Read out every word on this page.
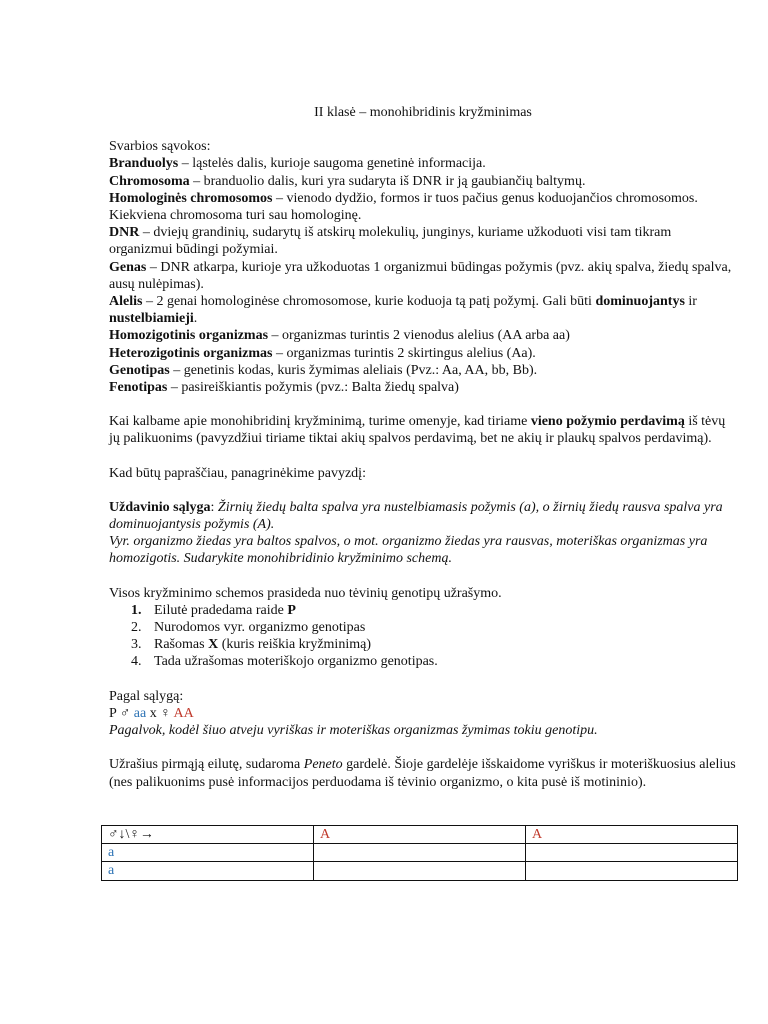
II klasė – monohibridinis kryžminimas

Svarbios sąvokos:

Branduolys – ląstelės dalis, kurioje saugoma genetinė informacija.

Chromosoma – branduolio dalis, kuri yra sudaryta iš DNR ir ją gaubiančių baltymų.

Homologinės chromosomos – vienodo dydžio, formos ir tuos pačius genus koduojančios chromosomos. Kiekviena chromosoma turi sau homologinę.

DNR – dviejų grandinių, sudarytų iš atskirų molekulių, junginys, kuriame užkoduoti visi tam tikram organizmui būdingi požymiai.

Genas – DNR atkarpa, kurioje yra užkoduotas 1 organizmui būdingas požymis (pvz. akių spalva, žiedų spalva, ausų nulėpimas).

Alelis – 2 genai homologinėse chromosomose, kurie koduoja tą patį požymį. Gali būti dominuojantys ir nustelbiamieji.

Homozigotinis organizmas – organizmas turintis 2 vienodus alelius (AA arba aa)

Heterozigotinis organizmas – organizmas turintis 2 skirtingus alelius (Aa).

Genotipas – genetinis kodas, kuris žymimas aleliais (Pvz.: Aa, AA, bb, Bb).

Fenotipas – pasireiškiantis požymis (pvz.: Balta žiedų spalva)

Kai kalbame apie monohibridinį kryžminimą, turime omenyje, kad tiriame vieno požymio perdavimą iš tėvų jų palikuonims (pavyzdžiui tiriame tiktai akių spalvos perdavimą, bet ne akių ir plaukų spalvos perdavimą).

Kad būtų papraščiau, panagrinėkime pavyzdį:

Uždavinio sąlyga: Žirnių žiedų balta spalva yra nustelbiamasis požymis (a), o žirnių žiedų rausva spalva yra dominuojantysis požymis (A).

Vyr. organizmo žiedas yra baltos spalvos, o mot. organizmo žiedas yra rausvas, moteriškas organizmas yra homozigotis. Sudarykite monohibridinio kryžminimo schemą.

Visos kryžminimo schemos prasideda nuo tėvinių genotipų užrašymo.

1. Eilutė pradedama raide P
2. Nurodomos vyr. organizmo genotipas
3. Rašomas X (kuris reiškia kryžminimą)
4. Tada užrašomas moteriškojo organizmo genotipas.

Pagal sąlygą:

P ♂ aa x ♀ AA

Pagalvok, kodėl šiuo atveju vyriškas ir moteriškas organizmas žymimas tokiu genotipu.

Užrašius pirmąją eilutę, sudaroma Peneto gardelė. Šioje gardelėje išskaidome vyriškus ir moteriškuosius alelius (nes palikuonims pusė informacijos perduodama iš tėvinio organizmo, o kita pusė iš motininio).

♂↓\♀→	A	A
a		
a		
